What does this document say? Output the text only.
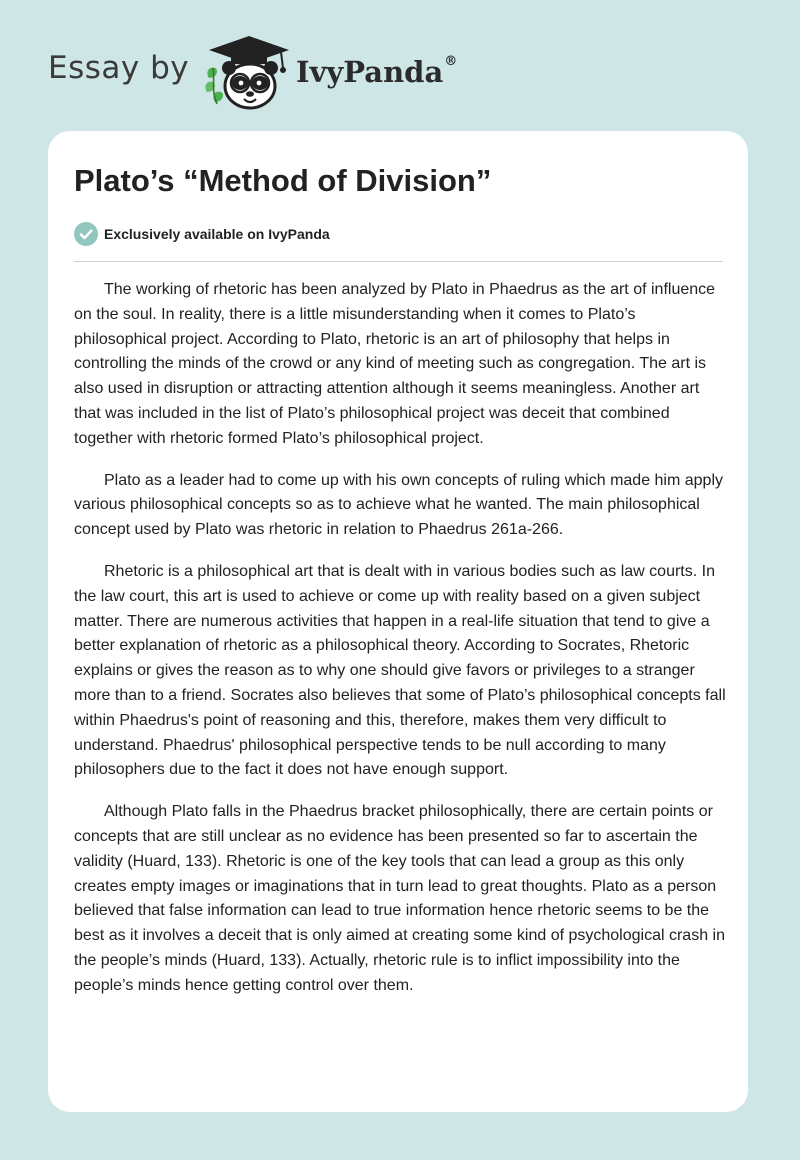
Essay by	IvyPanda®
Plato’s “Method of Division”
Exclusively available on IvyPanda

The working of rhetoric has been analyzed by Plato in Phaedrus as the art of influence on the soul. In reality, there is a little misunderstanding when it comes to Plato’s philosophical project. According to Plato, rhetoric is an art of philosophy that helps in controlling the minds of the crowd or any kind of meeting such as congregation. The art is also used in disruption or attracting attention although it seems meaningless. Another art that was included in the list of Plato’s philosophical project was deceit that combined together with rhetoric formed Plato’s philosophical project.

Plato as a leader had to come up with his own concepts of ruling which made him apply various philosophical concepts so as to achieve what he wanted. The main philosophical concept used by Plato was rhetoric in relation to Phaedrus 261a-266.

Rhetoric is a philosophical art that is dealt with in various bodies such as law courts. In the law court, this art is used to achieve or come up with reality based on a given subject matter. There are numerous activities that happen in a real-life situation that tend to give a better explanation of rhetoric as a philosophical theory. According to Socrates, Rhetoric explains or gives the reason as to why one should give favors or privileges to a stranger more than to a friend. Socrates also believes that some of Plato’s philosophical concepts fall within Phaedrus's point of reasoning and this, therefore, makes them very difficult to understand. Phaedrus' philosophical perspective tends to be null according to many philosophers due to the fact it does not have enough support.

Although Plato falls in the Phaedrus bracket philosophically, there are certain points or concepts that are still unclear as no evidence has been presented so far to ascertain the validity (Huard, 133). Rhetoric is one of the key tools that can lead a group as this only creates empty images or imaginations that in turn lead to great thoughts. Plato as a person believed that false information can lead to true information hence rhetoric seems to be the best as it involves a deceit that is only aimed at creating some kind of psychological crash in the people’s minds (Huard, 133). Actually, rhetoric rule is to inflict impossibility into the people’s minds hence getting control over them.
